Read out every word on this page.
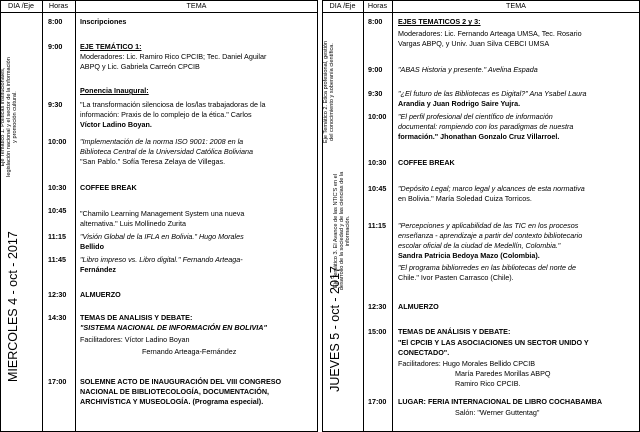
DIA /Eje	Horas	TEMA	DIA /Eje	Horas	TEMA
Eje Temático 1. Políticas institucionales, legislación nacional y el sector de la información y promoción cultural.
MIERCOLES 4 - oct - 2017
Eje Temático 2. Ética profesional, gestión del conocimiento y soberanía científica.
Eje Temático 3. El Avance de las NTIC'S en el desarrollo de la sociedad y de las ciencias de la información.
JUEVES 5 - oct - 2017
8:00 Inscripciones
9:00 EJE TEMÁTICO 1:
Moderadores: Lic. Ramiro Rico CPCIB; Tec. Daniel Aguilar
ABPQ y Lic. Gabriela Carreón CPCIB
Ponencia Inaugural:
9:30 "La transformación silenciosa de los/las trabajadoras de la
información: Praxis de lo complejo de la ética." Carlos
Víctor Ladino Boyan.
10:00 "Implementación de la norma ISO 9001: 2008 en la
Biblioteca Central de la Universidad Católica Boliviana
"San Pablo." Sofía Teresa Zelaya de Villegas.
10:30 COFFEE BREAK
10:45 "Chamilo Learning Management System una nueva
alternativa." Luis Mollinedo Zurita
11:15 "Visión Global de la IFLA en Bolivia." Hugo Morales
Bellido
11:45 "Libro impreso vs. Libro digital." Fernando Arteaga-
Fernández
12:30 ALMUERZO
14:30 TEMAS DE ANALISIS Y DEBATE:
"SISTEMA NACIONAL DE INFORMACIÓN EN BOLIVIA"
Facilitadores: Víctor Ladino Boyan
Fernando Arteaga-Fernández
17:00 SOLEMNE ACTO DE INAUGURACIÓN DEL VIII CONGRESO
NACIONAL DE BIBLIOTECOLOGÍA, DOCUMENTACIÓN,
ARCHIVÍSTICA Y MUSEOLOGÍA. (Programa especial).
8:00 EJES TEMATICOS 2 y 3:
Moderadores: Lic. Fernando Arteaga UMSA, Tec. Rosario
Vargas ABPQ, y Univ. Juan Silva CEBCI UMSA
9:00 "ABAS Historia y presente." Avelina Espada
9:30 "¿El futuro de las Bibliotecas es Digital?" Ana Ysabel Laura
Arandia y Juan Rodrigo Saire Yujra.
10:00 "El perfil profesional del científico de información
documental: rompiendo con los paradigmas de nuestra
formación." Jhonathan Gonzalo Cruz Villarroel.
10:30 COFFEE BREAK
10:45 "Depósito Legal; marco legal y alcances de esta normativa
en Bolivia." María Soledad Cuiza Torricos.
11:15 "Percepciones y aplicabilidad de las TIC en los procesos
enseñanza - aprendizaje a partir del contexto bibliotecario
escolar oficial de la ciudad de Medellín, Colombia."
Sandra Patricia Bedoya Mazo (Colombia).
"El programa bibliorredes en las bibliotecas del norte de
Chile." Ivor Pasten Carrasco (Chile).
12:30 ALMUERZO
15:00 TEMAS DE ANÁLISIS Y DEBATE:
"El CPCIB Y LAS ASOCIACIONES UN SECTOR UNIDO Y
CONECTADO".
Facilitadores: Hugo Morales Bellido CPCIB
María Paredes Morillas ABPQ
Ramiro Rico CPCIB.
17:00 LUGAR: FERIA INTERNACIONAL DE LIBRO COCHABAMBA
Salón: "Werner Guttentag"
